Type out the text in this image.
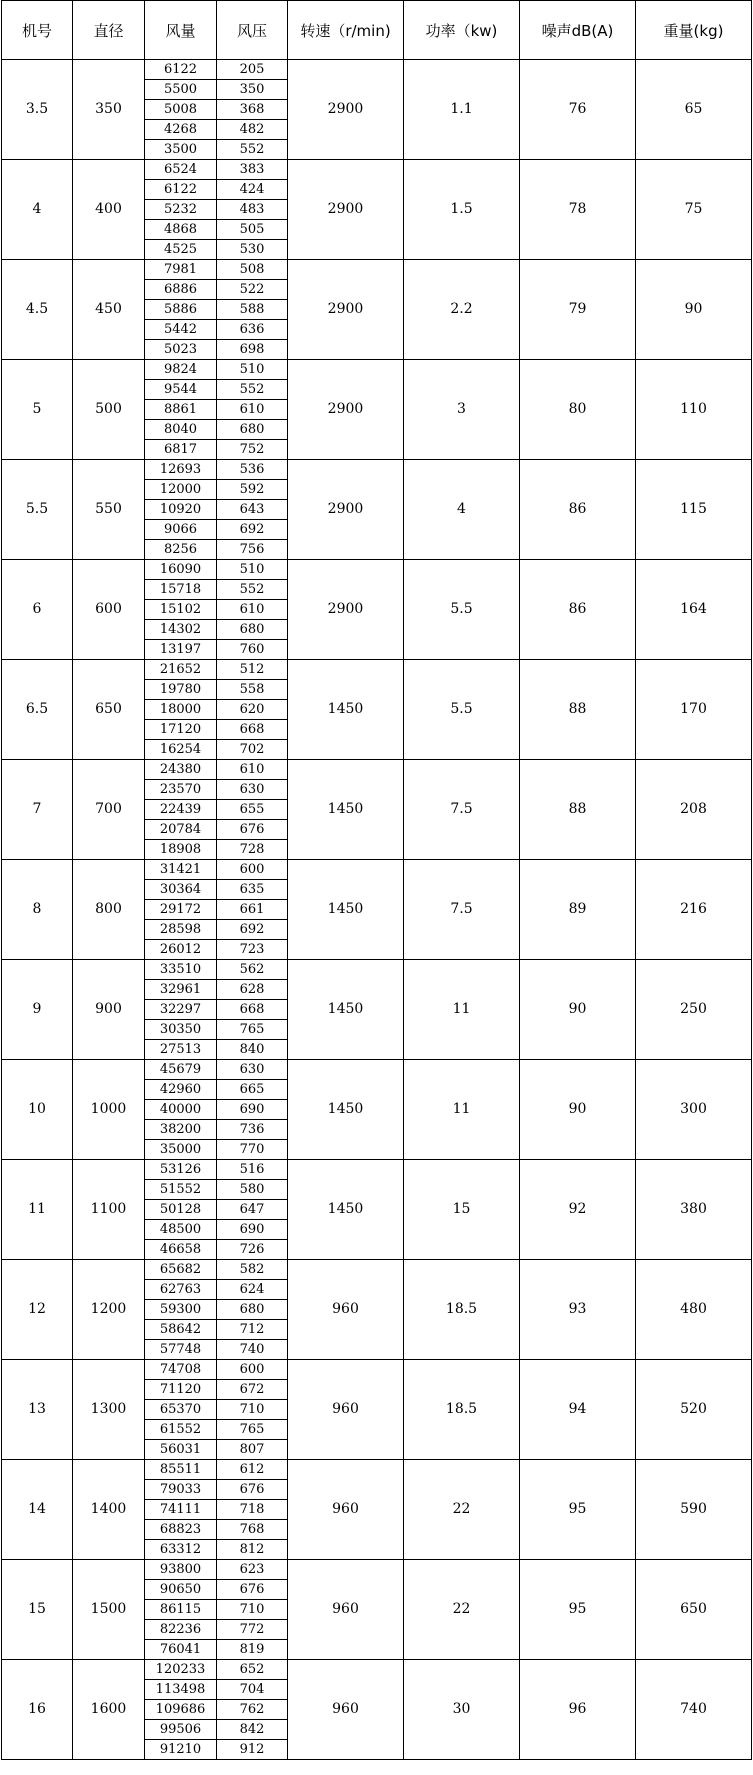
机号	直径	风量	风压	转速（r/min)	功率（kw)	噪声dB(A)	重量(kg)
3.5	350	6122	205	2900	1.1	76	65
		5500	350				
		5008	368				
		4268	482				
		3500	552				
4	400	6524	383	2900	1.5	78	75
		6122	424				
		5232	483				
		4868	505				
		4525	530				
4.5	450	7981	508	2900	2.2	79	90
		6886	522				
		5886	588				
		5442	636				
		5023	698				
5	500	9824	510	2900	3	80	110
		9544	552				
		8861	610				
		8040	680				
		6817	752				
5.5	550	12693	536	2900	4	86	115
		12000	592				
		10920	643				
		9066	692				
		8256	756				
6	600	16090	510	2900	5.5	86	164
		15718	552				
		15102	610				
		14302	680				
		13197	760				
6.5	650	21652	512	1450	5.5	88	170
		19780	558				
		18000	620				
		17120	668				
		16254	702				
7	700	24380	610	1450	7.5	88	208
		23570	630				
		22439	655				
		20784	676				
		18908	728				
8	800	31421	600	1450	7.5	89	216
		30364	635				
		29172	661				
		28598	692				
		26012	723				
9	900	33510	562	1450	11	90	250
		32961	628				
		32297	668				
		30350	765				
		27513	840				
10	1000	45679	630	1450	11	90	300
		42960	665				
		40000	690				
		38200	736				
		35000	770				
11	1100	53126	516	1450	15	92	380
		51552	580				
		50128	647				
		48500	690				
		46658	726				
12	1200	65682	582	960	18.5	93	480
		62763	624				
		59300	680				
		58642	712				
		57748	740				
13	1300	74708	600	960	18.5	94	520
		71120	672				
		65370	710				
		61552	765				
		56031	807				
14	1400	85511	612	960	22	95	590
		79033	676				
		74111	718				
		68823	768				
		63312	812				
15	1500	93800	623	960	22	95	650
		90650	676				
		86115	710				
		82236	772				
		76041	819				
16	1600	120233	652	960	30	96	740
		113498	704				
		109686	762				
		99506	842				
		91210	912				
